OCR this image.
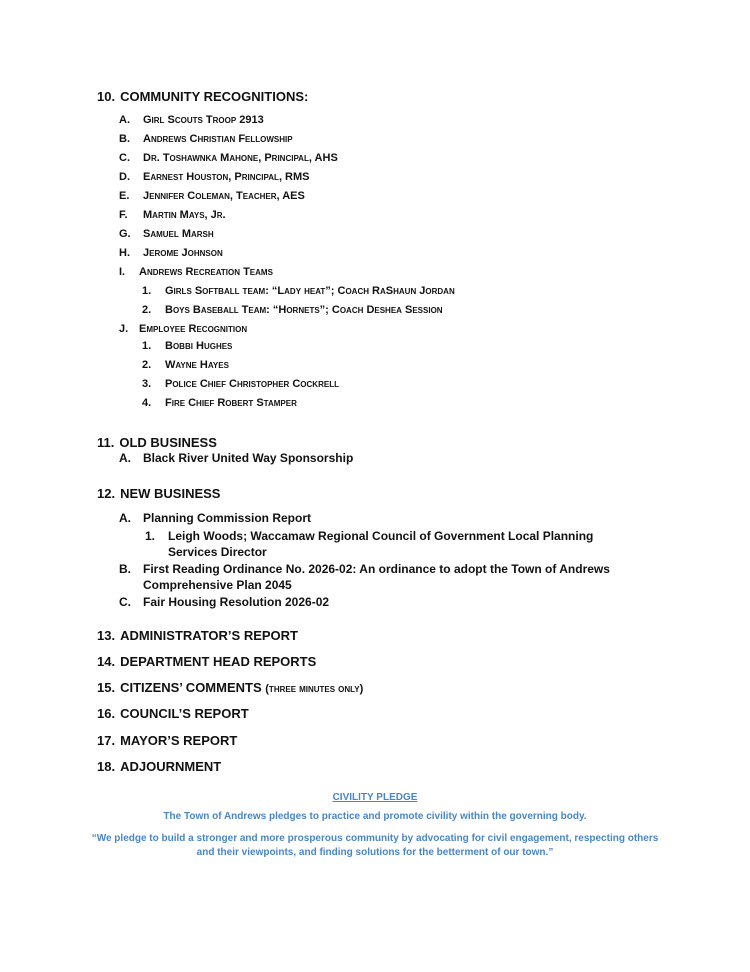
10. COMMUNITY RECOGNITIONS:
A. Girl Scouts Troop 2913
B. Andrews Christian Fellowship
C. Dr. Toshawnka Mahone, Principal, AHS
D. Earnest Houston, Principal, RMS
E. Jennifer Coleman, Teacher, AES
F. Martin Mays, Jr.
G. Samuel Marsh
H. Jerome Johnson
I. Andrews Recreation Teams
1. Girls Softball team: “Lady heat”; Coach RaShaun Jordan
2. Boys Baseball Team: “Hornets”; Coach Deshea Session
J. Employee Recognition
1. Bobbi Hughes
2. Wayne Hayes
3. Police Chief Christopher Cockrell
4. Fire Chief Robert Stamper
11. OLD BUSINESS
A. Black River United Way Sponsorship
12. NEW BUSINESS
A. Planning Commission Report
1. Leigh Woods; Waccamaw Regional Council of Government Local Planning Services Director
B. First Reading Ordinance No. 2026-02: An ordinance to adopt the Town of Andrews Comprehensive Plan 2045
C. Fair Housing Resolution 2026-02
13. ADMINISTRATOR’S REPORT
14. DEPARTMENT HEAD REPORTS
15. CITIZENS’ COMMENTS (three minutes only)
16. COUNCIL’S REPORT
17. MAYOR’S REPORT
18. ADJOURNMENT
CIVILITY PLEDGE
The Town of Andrews pledges to practice and promote civility within the governing body.
“We pledge to build a stronger and more prosperous community by advocating for civil engagement, respecting others
and their viewpoints, and finding solutions for the betterment of our town.”
